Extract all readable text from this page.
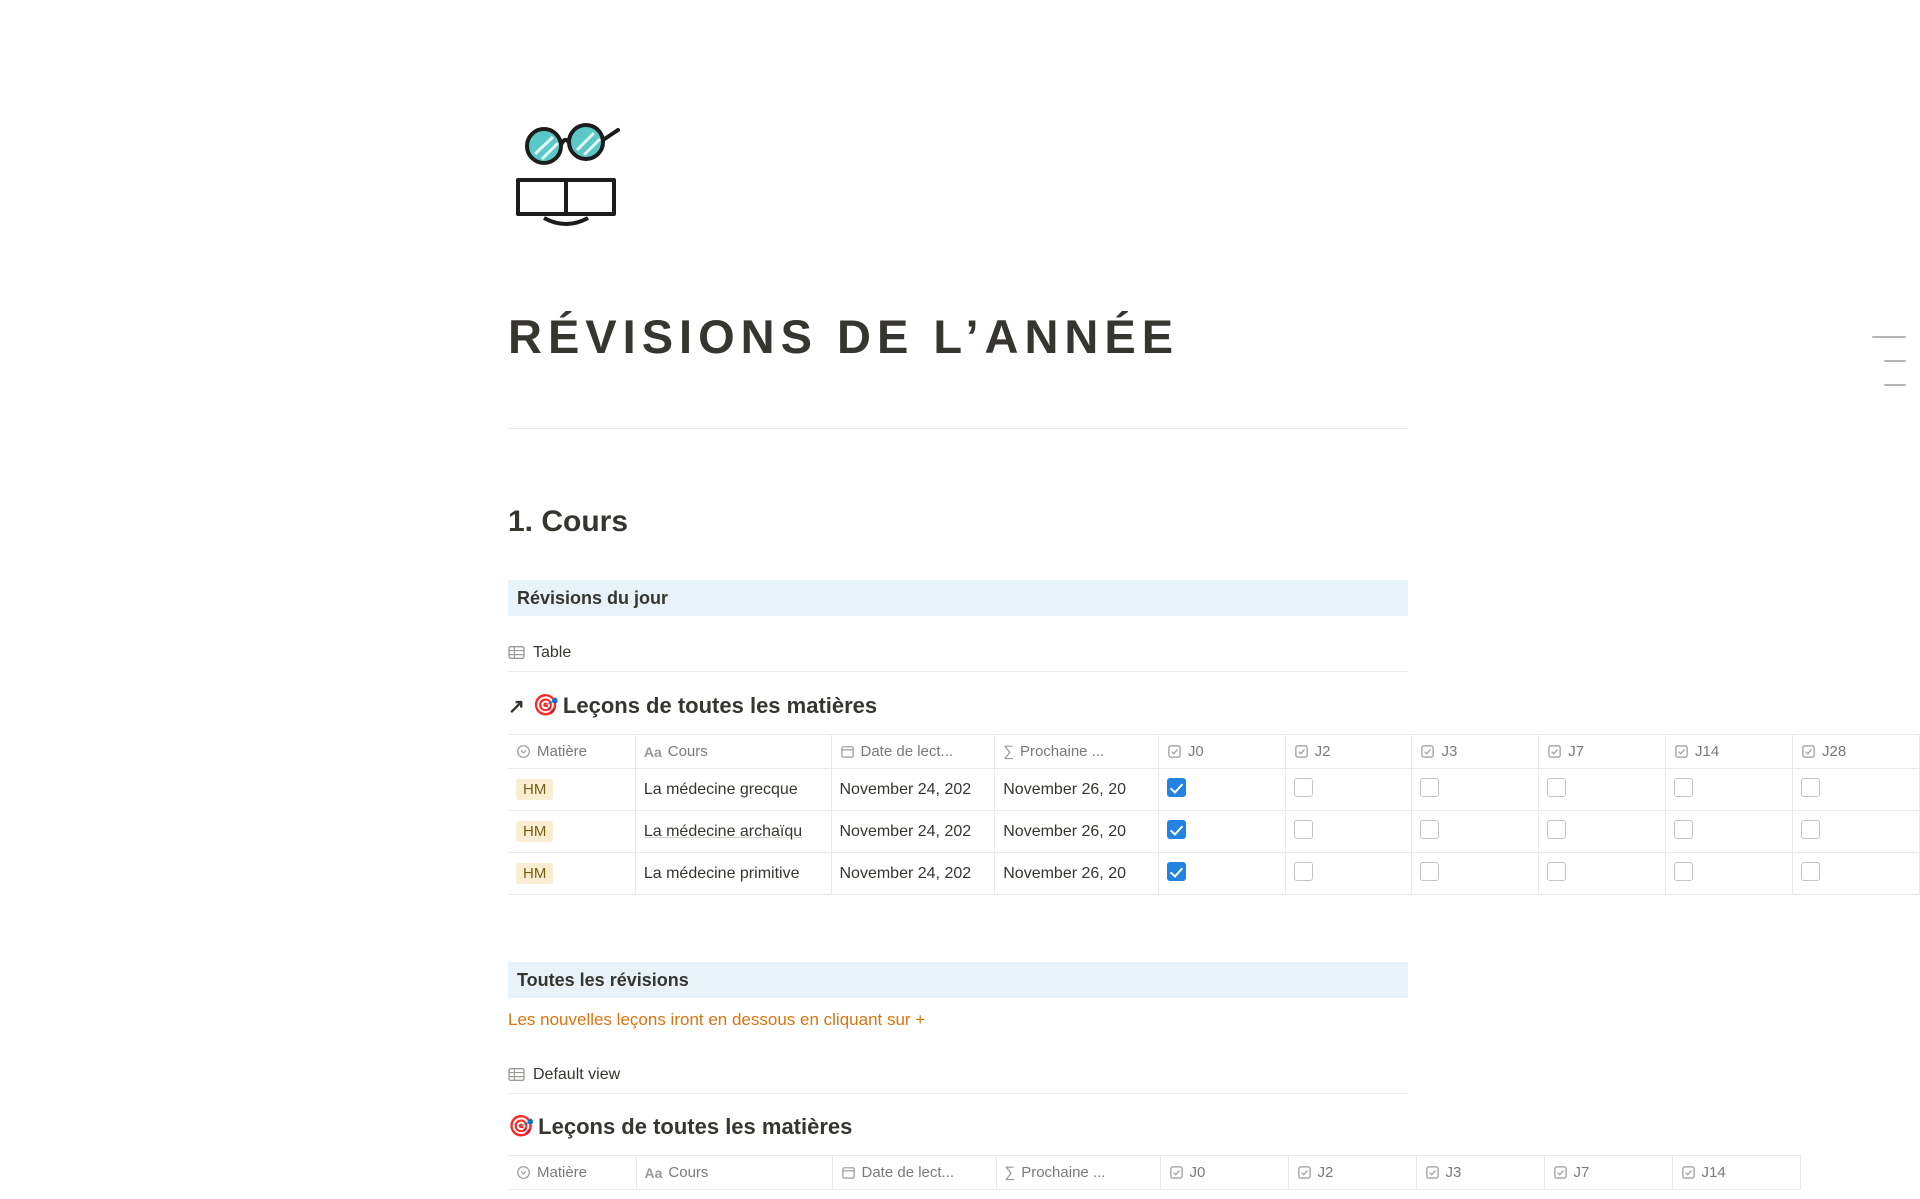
RÉVISIONS DE L’ANNÉE
1. Cours
Révisions du jour
Table
↗ 🎯 Leçons de toutes les matières
Matière	Aa Cours	Date de lect...	∑ Prochaine ...	J0	J2	J3	J7	J14	J28

HM	La médecine grecque	November 24, 202	November 26, 20						
HM	La médecine archaïqu	November 24, 202	November 26, 20						
HM	La médecine primitive	November 24, 202	November 26, 20						
Toutes les révisions
Les nouvelles leçons iront en dessous en cliquant sur +
Default view
🎯 Leçons de toutes les matières
Matière	Aa Cours	Date de lect...	∑ Prochaine ...	J0	J2	J3	J7	J14
